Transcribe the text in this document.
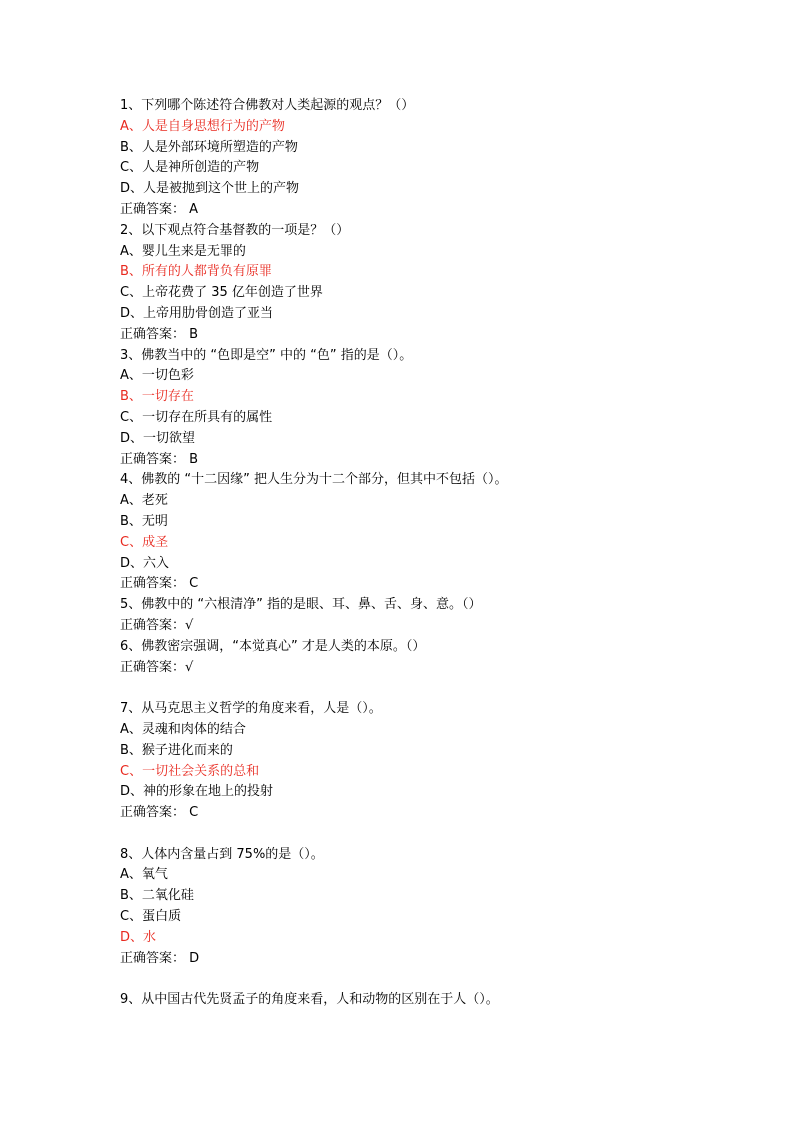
1、下列哪个陈述符合佛教对人类起源的观点？（）
A、人是自身思想行为的产物
B、人是外部环境所塑造的产物
C、人是神所创造的产物
D、人是被抛到这个世上的产物
正确答案： A
2、以下观点符合基督教的一项是？（）
A、婴儿生来是无罪的
B、所有的人都背负有原罪
C、上帝花费了 35 亿年创造了世界
D、上帝用肋骨创造了亚当
正确答案： B
3、佛教当中的 “色即是空” 中的 “色” 指的是（）。
A、一切色彩
B、一切存在
C、一切存在所具有的属性
D、一切欲望
正确答案： B
4、佛教的 “十二因缘” 把人生分为十二个部分，但其中不包括（）。
A、老死
B、无明
C、成圣
D、六入
正确答案： C
5、佛教中的 “六根清净” 指的是眼、耳、鼻、舌、身、意。（）
正确答案：√
6、佛教密宗强调，“本觉真心” 才是人类的本原。（）
正确答案：√
7、从马克思主义哲学的角度来看，人是（）。
A、灵魂和肉体的结合
B、猴子进化而来的
C、一切社会关系的总和
D、神的形象在地上的投射
正确答案： C
8、人体内含量占到 75%的是（）。
A、氧气
B、二氧化硅
C、蛋白质
D、水
正确答案： D
9、从中国古代先贤孟子的角度来看，人和动物的区别在于人（）。
